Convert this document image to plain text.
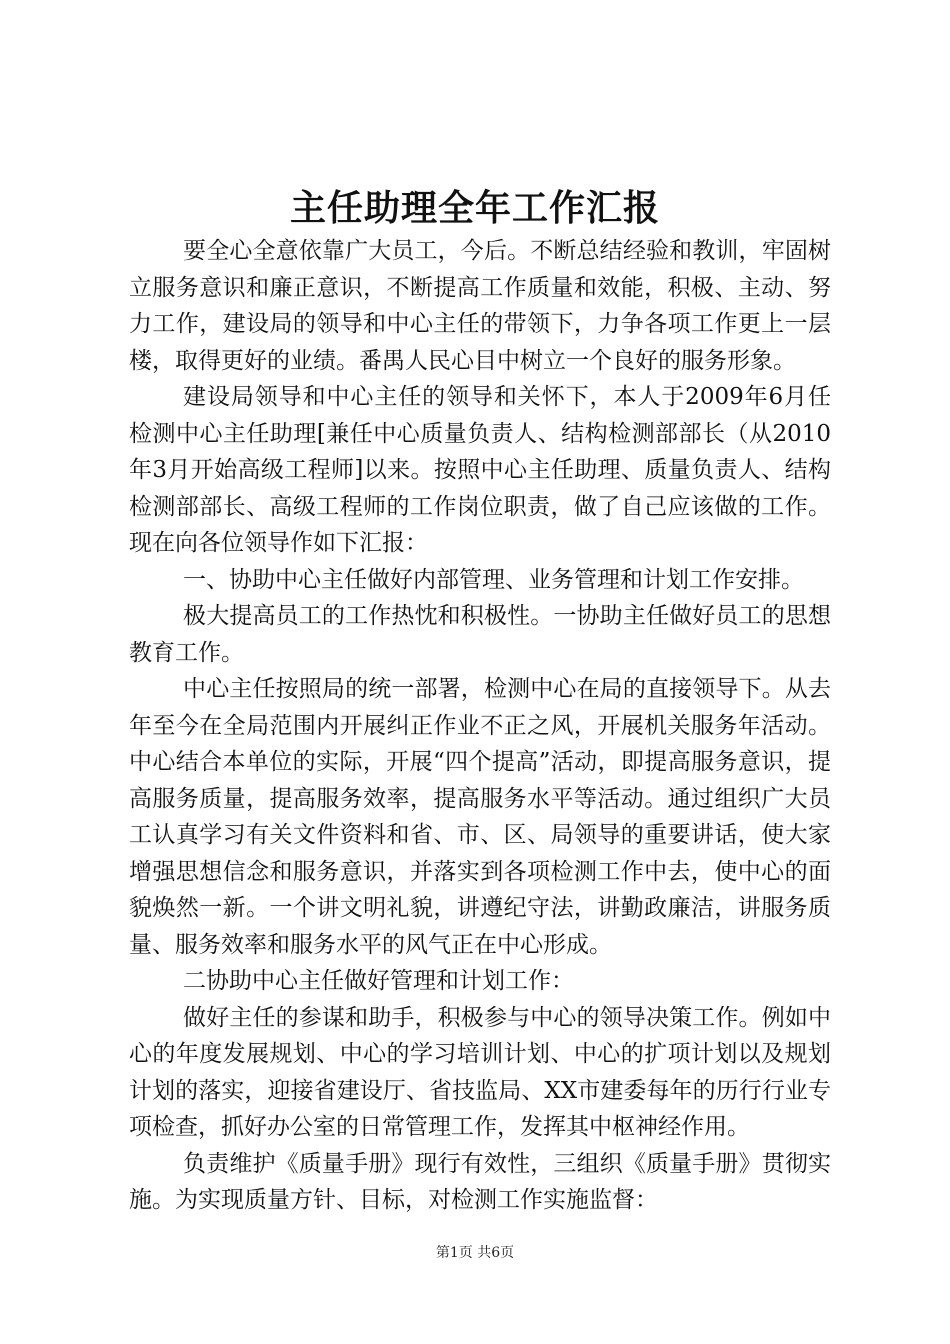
主任助理全年工作汇报

要全心全意依靠广大员工，今后。不断总结经验和教训，牢固树立服务意识和廉正意识，不断提高工作质量和效能，积极、主动、努力工作，建设局的领导和中心主任的带领下，力争各项工作更上一层楼，取得更好的业绩。番禺人民心目中树立一个良好的服务形象。

建设局领导和中心主任的领导和关怀下，本人于2009年6月任检测中心主任助理[兼任中心质量负责人、结构检测部部长（从2010年3月开始高级工程师]以来。按照中心主任助理、质量负责人、结构检测部部长、高级工程师的工作岗位职责，做了自己应该做的工作。现在向各位领导作如下汇报：

一、协助中心主任做好内部管理、业务管理和计划工作安排。

极大提高员工的工作热忱和积极性。一协助主任做好员工的思想教育工作。

中心主任按照局的统一部署，检测中心在局的直接领导下。从去年至今在全局范围内开展纠正作业不正之风，开展机关服务年活动。中心结合本单位的实际，开展“四个提高”活动，即提高服务意识，提高服务质量，提高服务效率，提高服务水平等活动。通过组织广大员工认真学习有关文件资料和省、市、区、局领导的重要讲话，使大家增强思想信念和服务意识，并落实到各项检测工作中去，使中心的面貌焕然一新。一个讲文明礼貌，讲遵纪守法，讲勤政廉洁，讲服务质量、服务效率和服务水平的风气正在中心形成。

二协助中心主任做好管理和计划工作：

做好主任的参谋和助手，积极参与中心的领导决策工作。例如中心的年度发展规划、中心的学习培训计划、中心的扩项计划以及规划计划的落实，迎接省建设厅、省技监局、XX市建委每年的历行行业专项检查，抓好办公室的日常管理工作，发挥其中枢神经作用。

负责维护《质量手册》现行有效性，三组织《质量手册》贯彻实施。为实现质量方针、目标，对检测工作实施监督：

第1页 共6页
